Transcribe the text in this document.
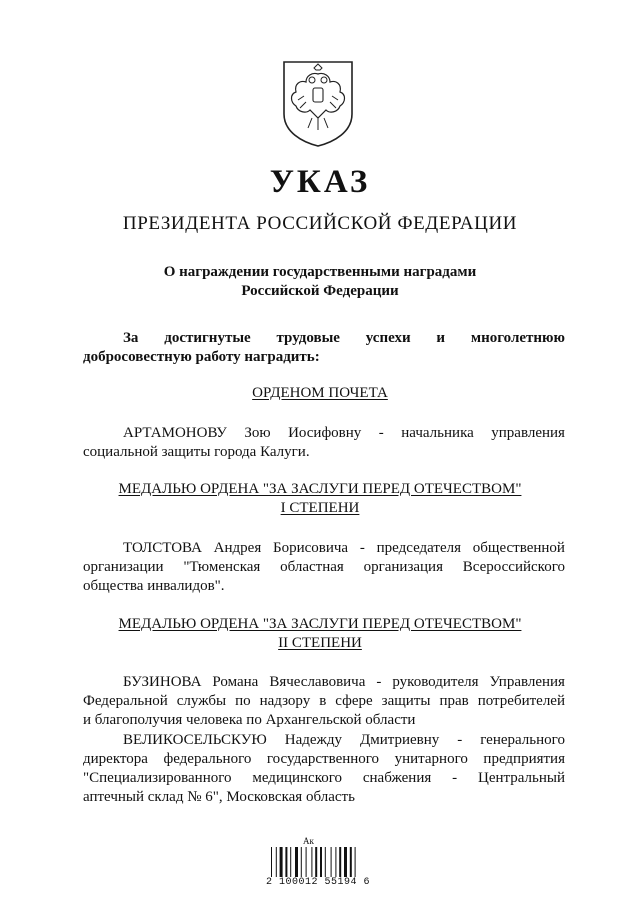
УКАЗ
ПРЕЗИДЕНТА РОССИЙСКОЙ ФЕДЕРАЦИИ
О награждении государственными наградами
Российской Федерации
За достигнутые трудовые успехи и многолетнюю
добросовестную работу наградить:
ОРДЕНОМ ПОЧЕТА
АРТАМОНОВУ Зою Иосифовну - начальника управления
социальной защиты города Калуги.
МЕДАЛЬЮ ОРДЕНА "ЗА ЗАСЛУГИ ПЕРЕД ОТЕЧЕСТВОМ"
I СТЕПЕНИ
ТОЛСТОВА Андрея Борисовича - председателя общественной
организации "Тюменская областная организация Всероссийского
общества инвалидов".
МЕДАЛЬЮ ОРДЕНА "ЗА ЗАСЛУГИ ПЕРЕД ОТЕЧЕСТВОМ"
II СТЕПЕНИ
БУЗИНОВА Романа Вячеславовича - руководителя Управления
Федеральной службы по надзору в сфере защиты прав потребителей
и благополучия человека по Архангельской области
ВЕЛИКОСЕЛЬСКУЮ Надежду Дмитриевну - генерального
директора федерального государственного унитарного предприятия
"Специализированного медицинского снабжения - Центральный
аптечный склад № 6", Московская область
Ак
2 100012 55194 6
